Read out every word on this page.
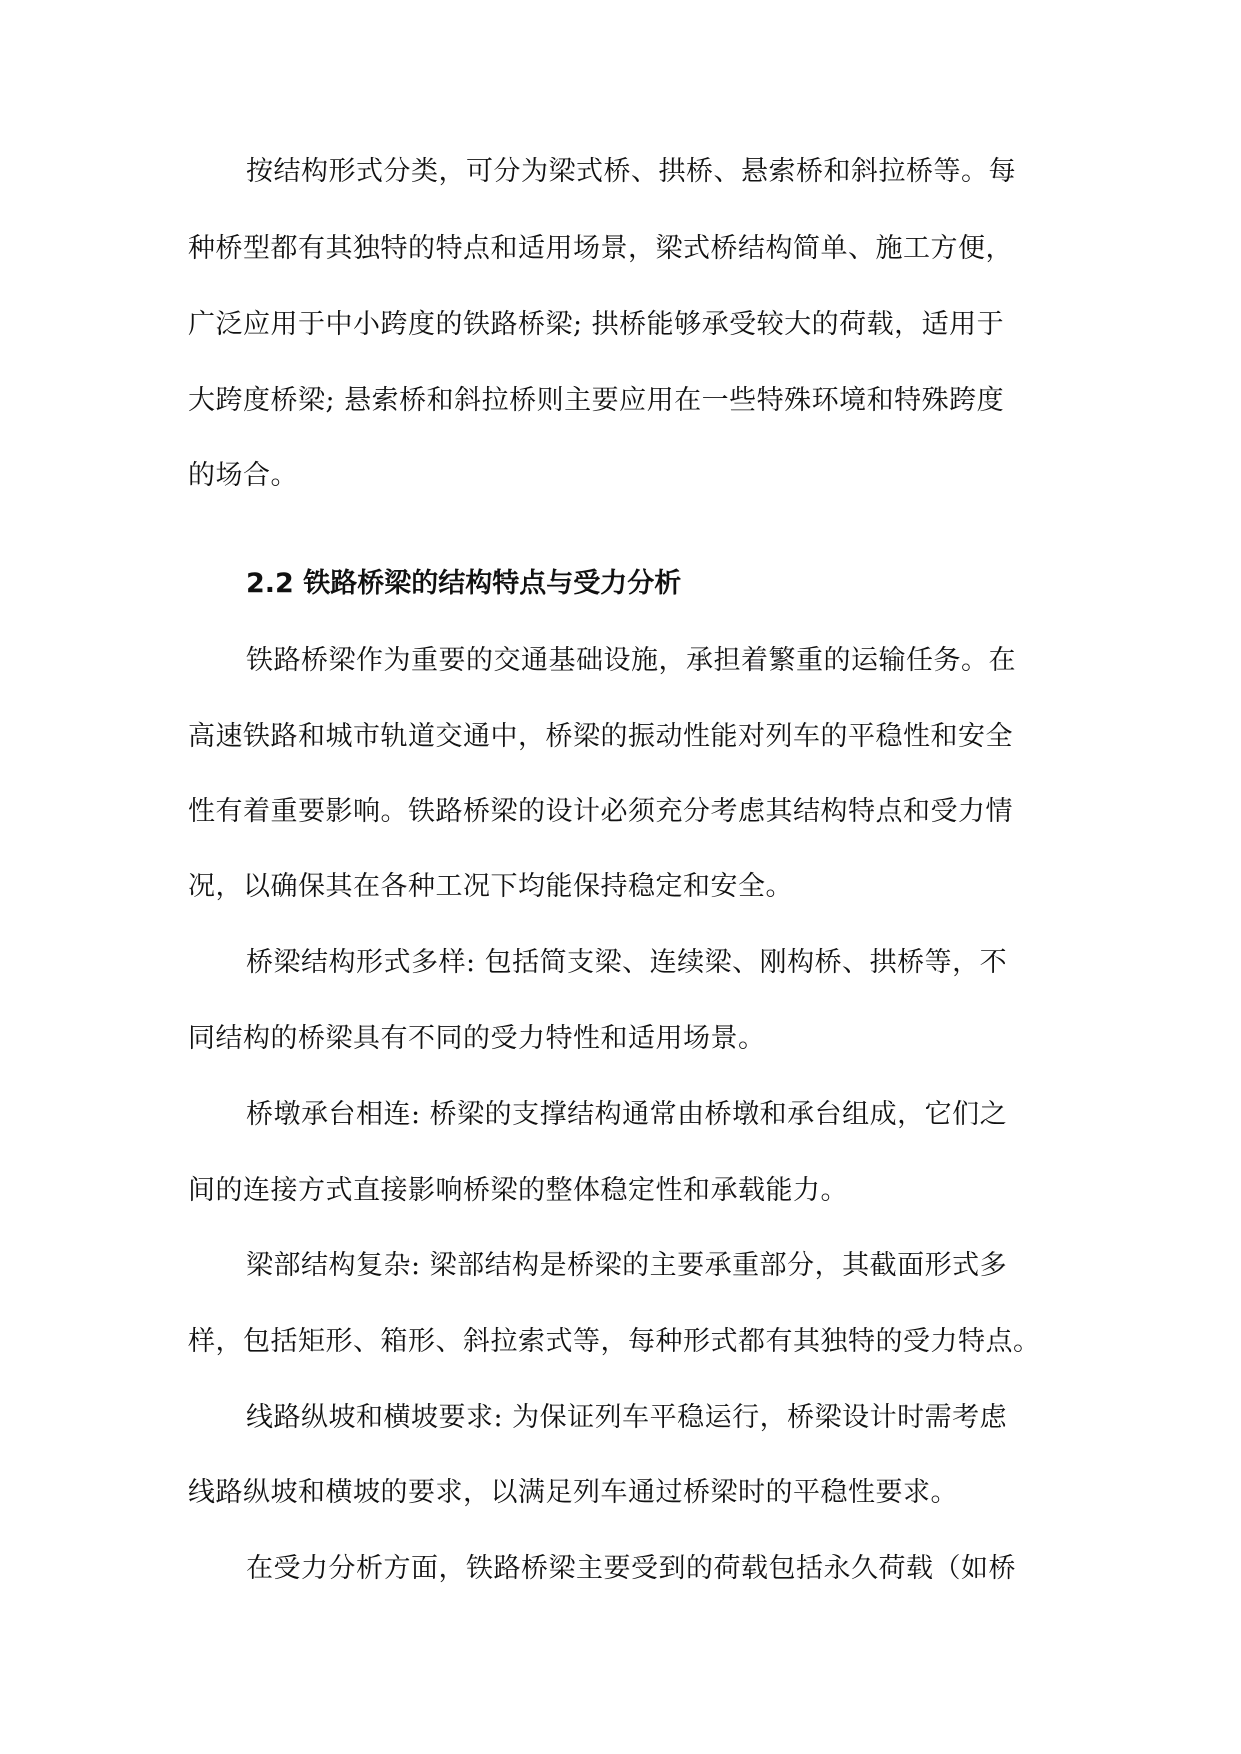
按结构形式分类，可分为梁式桥、拱桥、悬索桥和斜拉桥等。每
种桥型都有其独特的特点和适用场景，梁式桥结构简单、施工方便，
广泛应用于中小跨度的铁路桥梁; 拱桥能够承受较大的荷载，适用于
大跨度桥梁; 悬索桥和斜拉桥则主要应用在一些特殊环境和特殊跨度
的场合。
2.2 铁路桥梁的结构特点与受力分析
铁路桥梁作为重要的交通基础设施，承担着繁重的运输任务。在
高速铁路和城市轨道交通中，桥梁的振动性能对列车的平稳性和安全
性有着重要影响。铁路桥梁的设计必须充分考虑其结构特点和受力情
况，以确保其在各种工况下均能保持稳定和安全。
桥梁结构形式多样: 包括简支梁、连续梁、刚构桥、拱桥等，不
同结构的桥梁具有不同的受力特性和适用场景。
桥墩承台相连: 桥梁的支撑结构通常由桥墩和承台组成，它们之
间的连接方式直接影响桥梁的整体稳定性和承载能力。
梁部结构复杂: 梁部结构是桥梁的主要承重部分，其截面形式多
样，包括矩形、箱形、斜拉索式等，每种形式都有其独特的受力特点。
线路纵坡和横坡要求: 为保证列车平稳运行，桥梁设计时需考虑
线路纵坡和横坡的要求，以满足列车通过桥梁时的平稳性要求。
在受力分析方面，铁路桥梁主要受到的荷载包括永久荷载（如桥
